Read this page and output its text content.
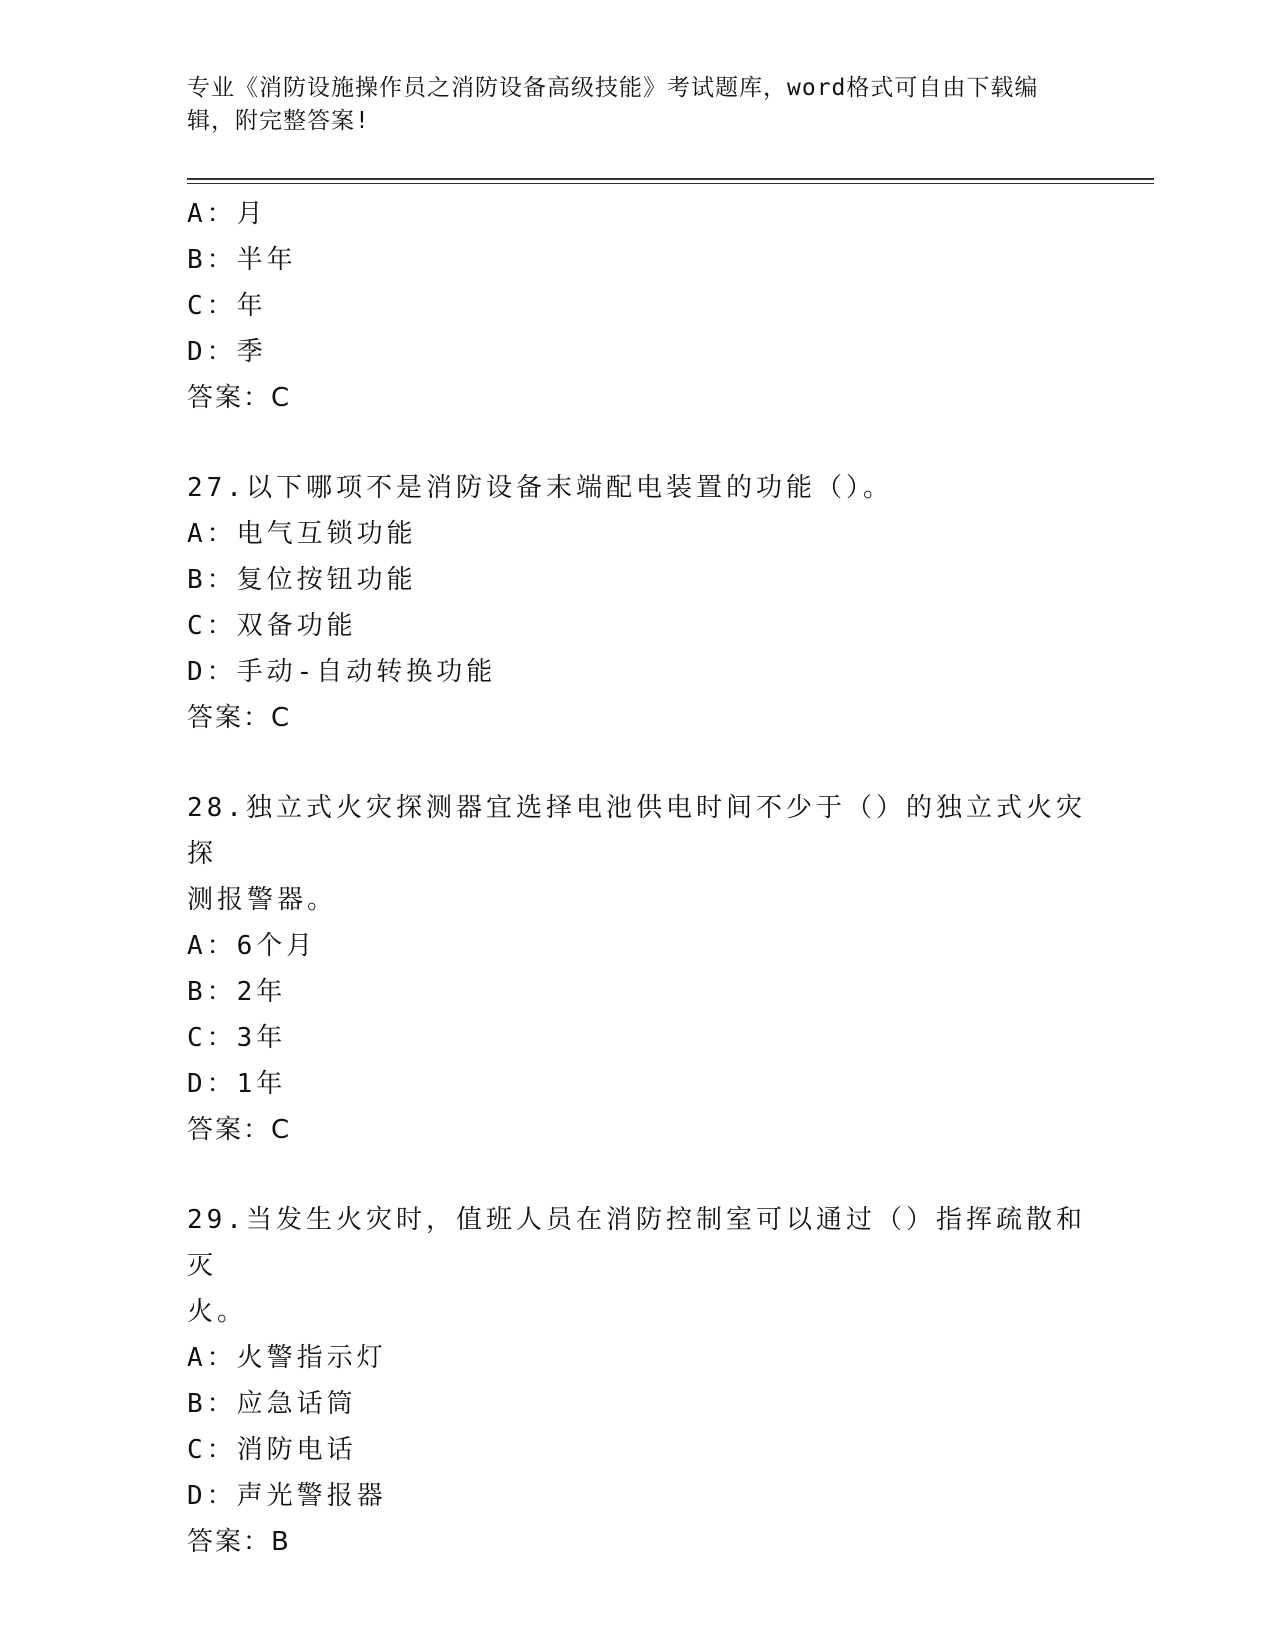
专业《消防设施操作员之消防设备高级技能》考试题库，word格式可自由下载编
辑，附完整答案!
A：月
B：半年
C：年
D：季
答案：C
27.以下哪项不是消防设备末端配电装置的功能（）。
A：电气互锁功能
B：复位按钮功能
C：双备功能
D：手动-自动转换功能
答案：C
28.独立式火灾探测器宜选择电池供电时间不少于（）的独立式火灾探
测报警器。
A：6个月
B：2年
C：3年
D：1年
答案：C
29.当发生火灾时，值班人员在消防控制室可以通过（）指挥疏散和灭
火。
A：火警指示灯
B：应急话筒
C：消防电话
D：声光警报器
答案：B
